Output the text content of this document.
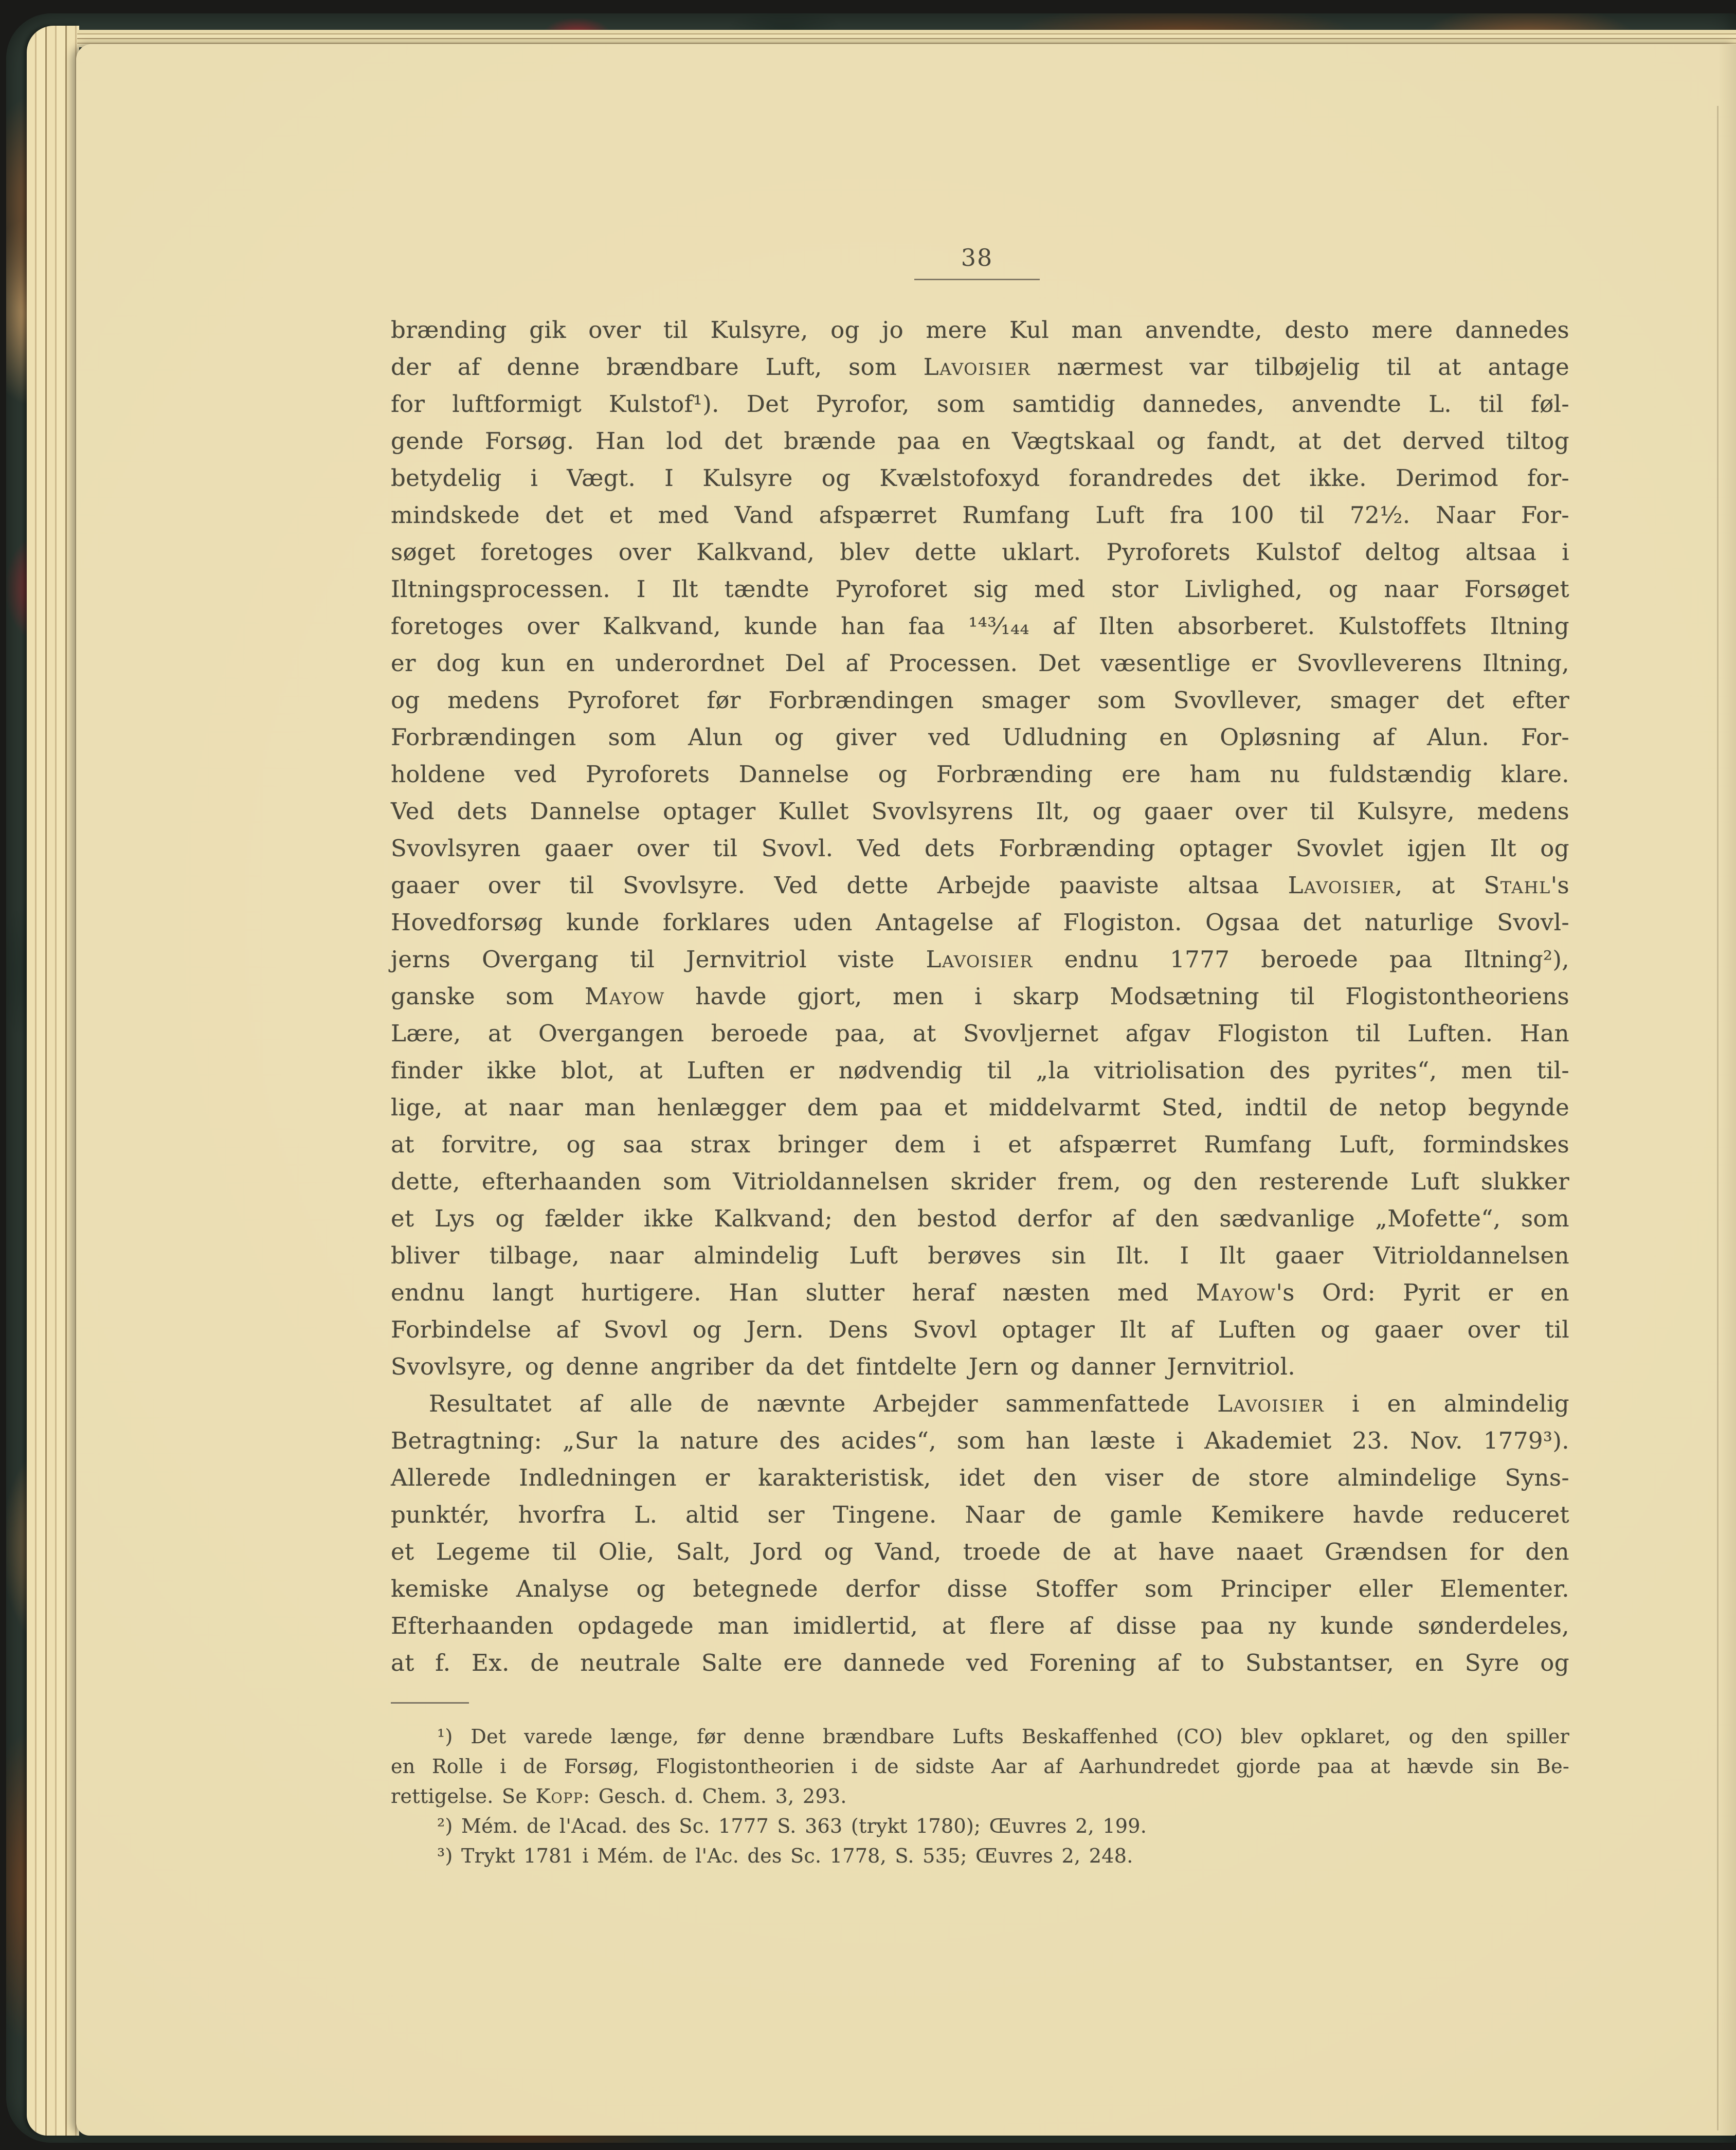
38
brænding gik over til Kulsyre, og jo mere Kul man anvendte, desto mere dannedes
der af denne brændbare Luft, som Lavoisier nærmest var tilbøjelig til at antage
for luftformigt Kulstof¹). Det Pyrofor, som samtidig dannedes, anvendte L. til føl-
gende Forsøg. Han lod det brænde paa en Vægtskaal og fandt, at det derved tiltog
betydelig i Vægt. I Kulsyre og Kvælstofoxyd forandredes det ikke. Derimod for-
mindskede det et med Vand afspærret Rumfang Luft fra 100 til 72¹⁄₂. Naar For-
søget foretoges over Kalkvand, blev dette uklart. Pyroforets Kulstof deltog altsaa i
Iltningsprocessen. I Ilt tændte Pyroforet sig med stor Livlighed, og naar Forsøget
foretoges over Kalkvand, kunde han faa ¹⁴³⁄₁₄₄ af Ilten absorberet. Kulstoffets Iltning
er dog kun en underordnet Del af Processen. Det væsentlige er Svovlleverens Iltning,
og medens Pyroforet før Forbrændingen smager som Svovllever, smager det efter
Forbrændingen som Alun og giver ved Udludning en Opløsning af Alun. For-
holdene ved Pyroforets Dannelse og Forbrænding ere ham nu fuldstændig klare.
Ved dets Dannelse optager Kullet Svovlsyrens Ilt, og gaaer over til Kulsyre, medens
Svovlsyren gaaer over til Svovl. Ved dets Forbrænding optager Svovlet igjen Ilt og
gaaer over til Svovlsyre. Ved dette Arbejde paaviste altsaa Lavoisier, at Stahl's
Hovedforsøg kunde forklares uden Antagelse af Flogiston. Ogsaa det naturlige Svovl-
jerns Overgang til Jernvitriol viste Lavoisier endnu 1777 beroede paa Iltning²),
ganske som Mayow havde gjort, men i skarp Modsætning til Flogistontheoriens
Lære, at Overgangen beroede paa, at Svovljernet afgav Flogiston til Luften. Han
finder ikke blot, at Luften er nødvendig til „la vitriolisation des pyrites“, men til-
lige, at naar man henlægger dem paa et middelvarmt Sted, indtil de netop begynde
at forvitre, og saa strax bringer dem i et afspærret Rumfang Luft, formindskes
dette, efterhaanden som Vitrioldannelsen skrider frem, og den resterende Luft slukker
et Lys og fælder ikke Kalkvand; den bestod derfor af den sædvanlige „Mofette“, som
bliver tilbage, naar almindelig Luft berøves sin Ilt. I Ilt gaaer Vitrioldannelsen
endnu langt hurtigere. Han slutter heraf næsten med Mayow's Ord: Pyrit er en
Forbindelse af Svovl og Jern. Dens Svovl optager Ilt af Luften og gaaer over til
Svovlsyre, og denne angriber da det fintdelte Jern og danner Jernvitriol.
Resultatet af alle de nævnte Arbejder sammenfattede Lavoisier i en almindelig
Betragtning: „Sur la nature des acides“, som han læste i Akademiet 23. Nov. 1779³).
Allerede Indledningen er karakteristisk, idet den viser de store almindelige Syns-
punktér, hvorfra L. altid ser Tingene. Naar de gamle Kemikere havde reduceret
et Legeme til Olie, Salt, Jord og Vand, troede de at have naaet Grændsen for den
kemiske Analyse og betegnede derfor disse Stoffer som Principer eller Elementer.
Efterhaanden opdagede man imidlertid, at flere af disse paa ny kunde sønderdeles,
at f. Ex. de neutrale Salte ere dannede ved Forening af to Substantser, en Syre og
¹) Det varede længe, før denne brændbare Lufts Beskaffenhed (CO) blev opklaret, og den spiller
en Rolle i de Forsøg, Flogistontheorien i de sidste Aar af Aarhundredet gjorde paa at hævde sin Be-
rettigelse. Se Kopp: Gesch. d. Chem. 3, 293.
²) Mém. de l'Acad. des Sc. 1777 S. 363 (trykt 1780); Œuvres 2, 199.
³) Trykt 1781 i Mém. de l'Ac. des Sc. 1778, S. 535; Œuvres 2, 248.
